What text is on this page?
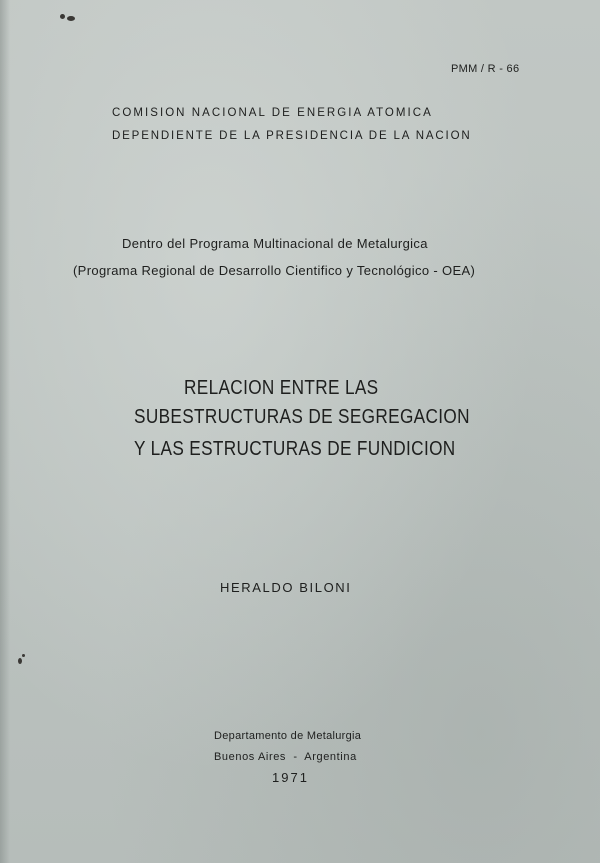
PMM / R - 66
COMISION NACIONAL DE ENERGIA ATOMICA
DEPENDIENTE DE LA PRESIDENCIA DE LA NACION
Dentro del Programa Multinacional de Metalurgica
(Programa Regional de Desarrollo Cientifico y Tecnológico - OEA)
RELACION ENTRE LAS
SUBESTRUCTURAS DE SEGREGACION
Y LAS ESTRUCTURAS DE FUNDICION
HERALDO BILONI
Departamento de Metalurgia
Buenos Aires  -  Argentina
1971
